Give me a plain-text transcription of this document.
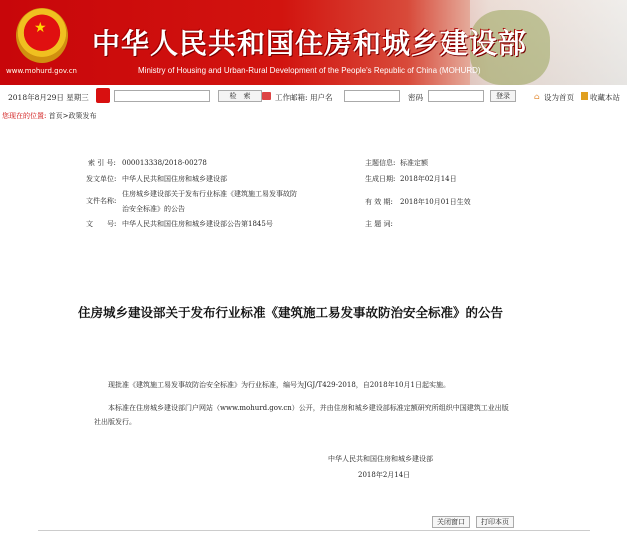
★
www.mohurd.gov.cn
中华人民共和国住房和城乡建设部
Ministry of Housing and Urban-Rural Development of the People's Republic of China (MOHURD)
2018年8月29日 星期三	检　索	工作邮箱: 用户名	密码	登录	⌂ 设为首页 收藏本站
您现在的位置: 首页>政策发布
索 引 号: 000013338/2018-00278
发文单位: 中华人民共和国住房和城乡建设部
文件名称:
住房城乡建设部关于发布行业标准《建筑施工易发事故防
治安全标准》的公告
文　　号: 中华人民共和国住房和城乡建设部公告第1845号
主题信息: 标准定额
生成日期: 2018年02月14日
有 效 期: 2018年10月01日生效
主 题 词:
住房城乡建设部关于发布行业标准《建筑施工易发事故防治安全标准》的公告
现批准《建筑施工易发事故防治安全标准》为行业标准，编号为JGJ/T429-2018，自2018年10月1日起实施。
本标准在住房城乡建设部门户网站（www.mohurd.gov.cn）公开，并由住房和城乡建设部标准定额研究所组织中国建筑工业出版
社出版发行。
中华人民共和国住房和城乡建设部
2018年2月14日
关闭窗口	打印本页
